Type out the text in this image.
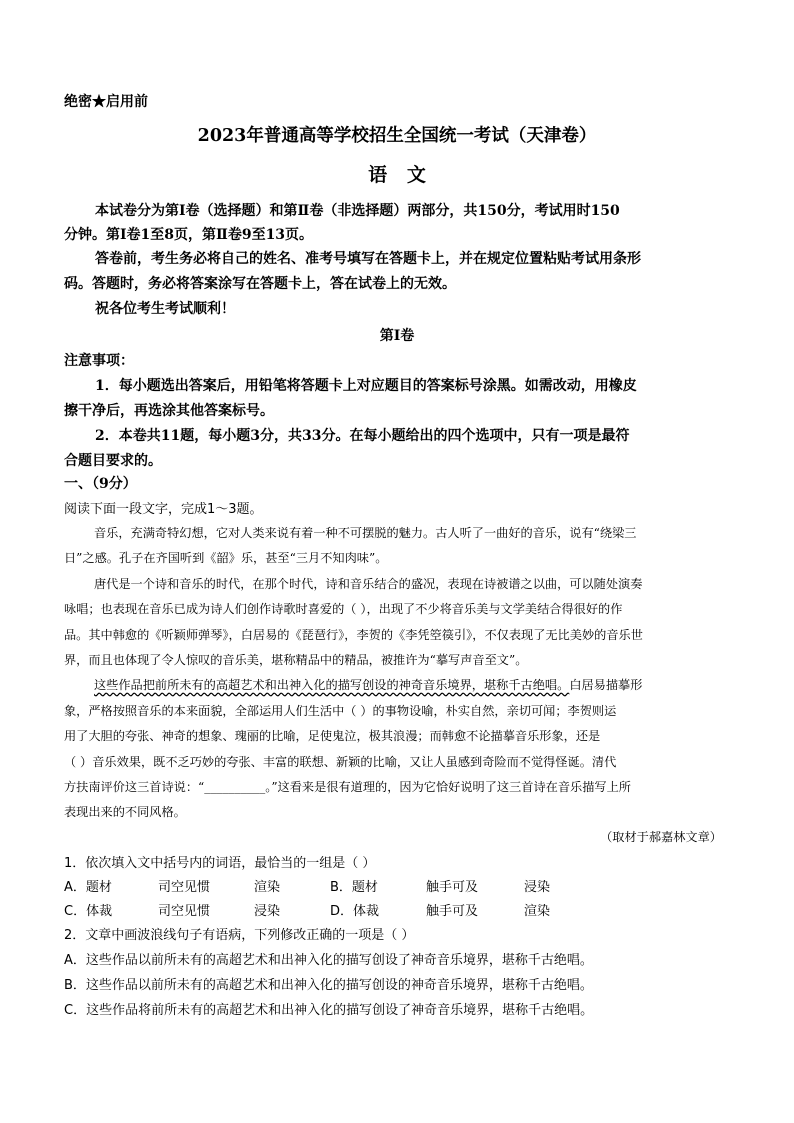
绝密★启用前
2023年普通高等学校招生全国统一考试（天津卷）
语   文
本试卷分为第Ⅰ卷（选择题）和第Ⅱ卷（非选择题）两部分，共150分，考试用时150
分钟。第Ⅰ卷1至8页，第Ⅱ卷9至13页。
答卷前，考生务必将自己的姓名、准考号填写在答题卡上，并在规定位置粘贴考试用条形
码。答题时，务必将答案涂写在答题卡上，答在试卷上的无效。
祝各位考生考试顺利！
第Ⅰ卷
注意事项：
1．每小题选出答案后，用铅笔将答题卡上对应题目的答案标号涂黑。如需改动，用橡皮
擦干净后，再选涂其他答案标号。
2．本卷共11题，每小题3分，共33分。在每小题给出的四个选项中，只有一项是最符
合题目要求的。
一、（9分）
阅读下面一段文字，完成1～3题。
音乐，充满奇特幻想，它对人类来说有着一种不可摆脱的魅力。古人听了一曲好的音乐，说有“绕梁三
日”之感。孔子在齐国听到《韶》乐，甚至“三月不知肉味”。
唐代是一个诗和音乐的时代，在那个时代，诗和音乐结合的盛况，表现在诗被谱之以曲，可以随处演奏
咏唱；也表现在音乐已成为诗人们创作诗歌时喜爱的（ ），出现了不少将音乐美与文学美结合得很好的作
品。其中韩愈的《听颖师弹琴》，白居易的《琵琶行》，李贺的《李凭箜篌引》，不仅表现了无比美妙的音乐世
界，而且也体现了令人惊叹的音乐美，堪称精品中的精品，被推许为“摹写声音至文”。
这些作品把前所未有的高超艺术和出神入化的描写创设的神奇音乐境界，堪称千古绝唱。白居易描摹形
象，严格按照音乐的本来面貌，全部运用人们生活中（ ）的事物设喻，朴实自然，亲切可闻；李贺则运
用了大胆的夸张、神奇的想象、瑰丽的比喻，足使鬼泣，极其浪漫；而韩愈不论描摹音乐形象，还是
（ ）音乐效果，既不乏巧妙的夸张、丰富的联想、新颖的比喻，又让人虽感到奇险而不觉得怪诞。清代
方扶南评价这三首诗说：“__________。”这看来是很有道理的，因为它恰好说明了这三首诗在音乐描写上所
表现出来的不同风格。
（取材于郝嘉林文章）
1．依次填入文中括号内的词语，最恰当的一组是（ ）
A．题材	司空见惯	渲染	B．题材	触手可及	浸染
C．体裁	司空见惯	浸染	D．体裁	触手可及	渲染
2．文章中画波浪线句子有语病，下列修改正确的一项是（ ）
A．这些作品以前所未有的高超艺术和出神入化的描写创设了神奇音乐境界，堪称千古绝唱。
B．这些作品以前所未有的高超艺术和出神入化的描写创设的神奇音乐境界，堪称千古绝唱。
C．这些作品将前所未有的高超艺术和出神入化的描写创设了神奇音乐境界，堪称千古绝唱。
